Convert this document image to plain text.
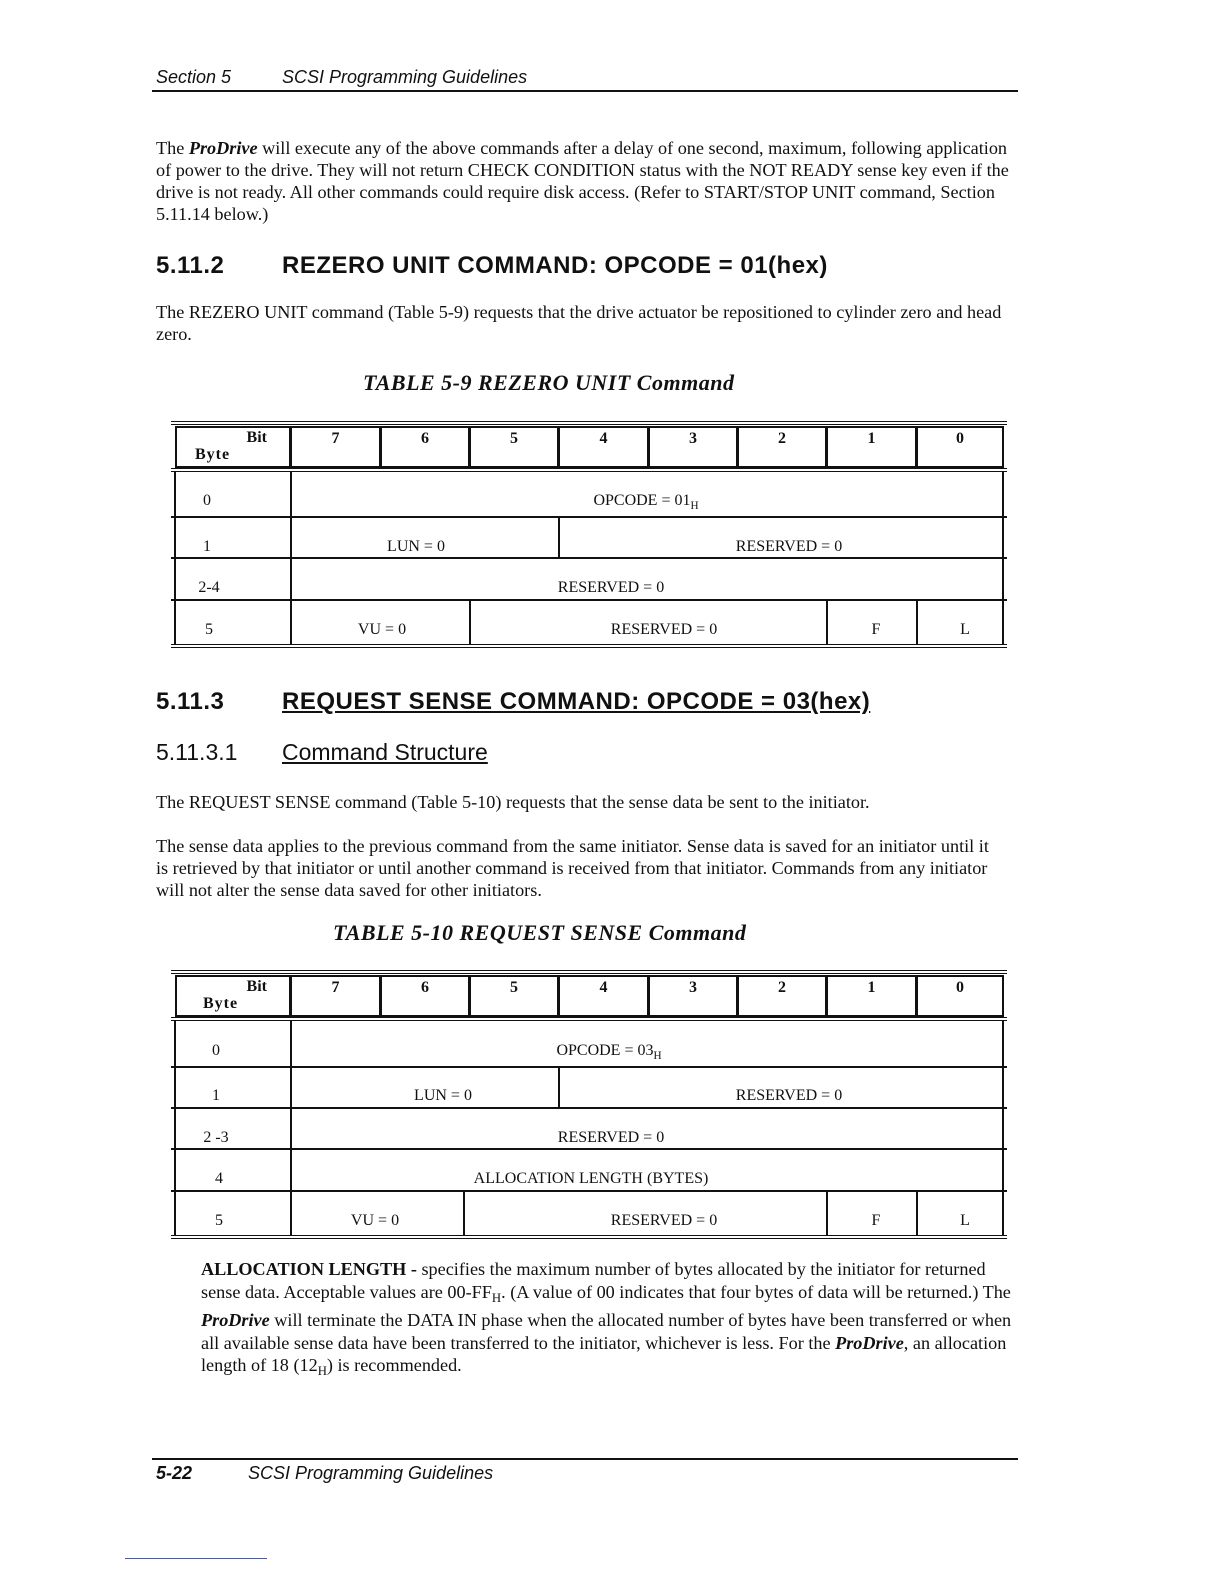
Section 5	SCSI Programming Guidelines

The ProDrive will execute any of the above commands after a delay of one second, maximum, following application of power to the drive. They will not return CHECK CONDITION status with the NOT READY sense key even if the drive is not ready. All other commands could require disk access. (Refer to START/STOP UNIT command, Section 5.11.14 below.)

5.11.2 REZERO UNIT COMMAND: OPCODE = 01(hex)

The REZERO UNIT command (Table 5-9) requests that the drive actuator be repositioned to cylinder zero and head zero.

TABLE 5-9 REZERO UNIT Command
Bit
Byte
7	6	5	4	3	2	1	0
0	OPCODE = $01_H$
1	LUN = 0	RESERVED = 0
2-4	RESERVED = 0
5	VU = 0	RESERVED = 0	F	L
5.11.3 REQUEST SENSE COMMAND: OPCODE = 03(hex)
5.11.3.1 Command Structure

The REQUEST SENSE command (Table 5-10) requests that the sense data be sent to the initiator.

The sense data applies to the previous command from the same initiator. Sense data is saved for an initiator until it is retrieved by that initiator or until another command is received from that initiator. Commands from any initiator will not alter the sense data saved for other initiators.

TABLE 5-10 REQUEST SENSE Command
Bit
Byte
7	6	5	4	3	2	1	0
0	OPCODE = $03_H$
1	LUN = 0	RESERVED = 0
2 -3	RESERVED = 0
4	ALLOCATION LENGTH (BYTES)
5	VU = 0	RESERVED = 0	F	L

ALLOCATION LENGTH - specifies the maximum number of bytes allocated by the initiator for returned sense data. Acceptable values are $00-FF_H$. (A value of 00 indicates that four bytes of data will be returned.) The ProDrive will terminate the DATA IN phase when the allocated number of bytes have been transferred or when all available sense data have been transferred to the initiator, whichever is less. For the ProDrive, an allocation length of 18 $(12_H)$ is recommended.

5-22	SCSI Programming Guidelines
